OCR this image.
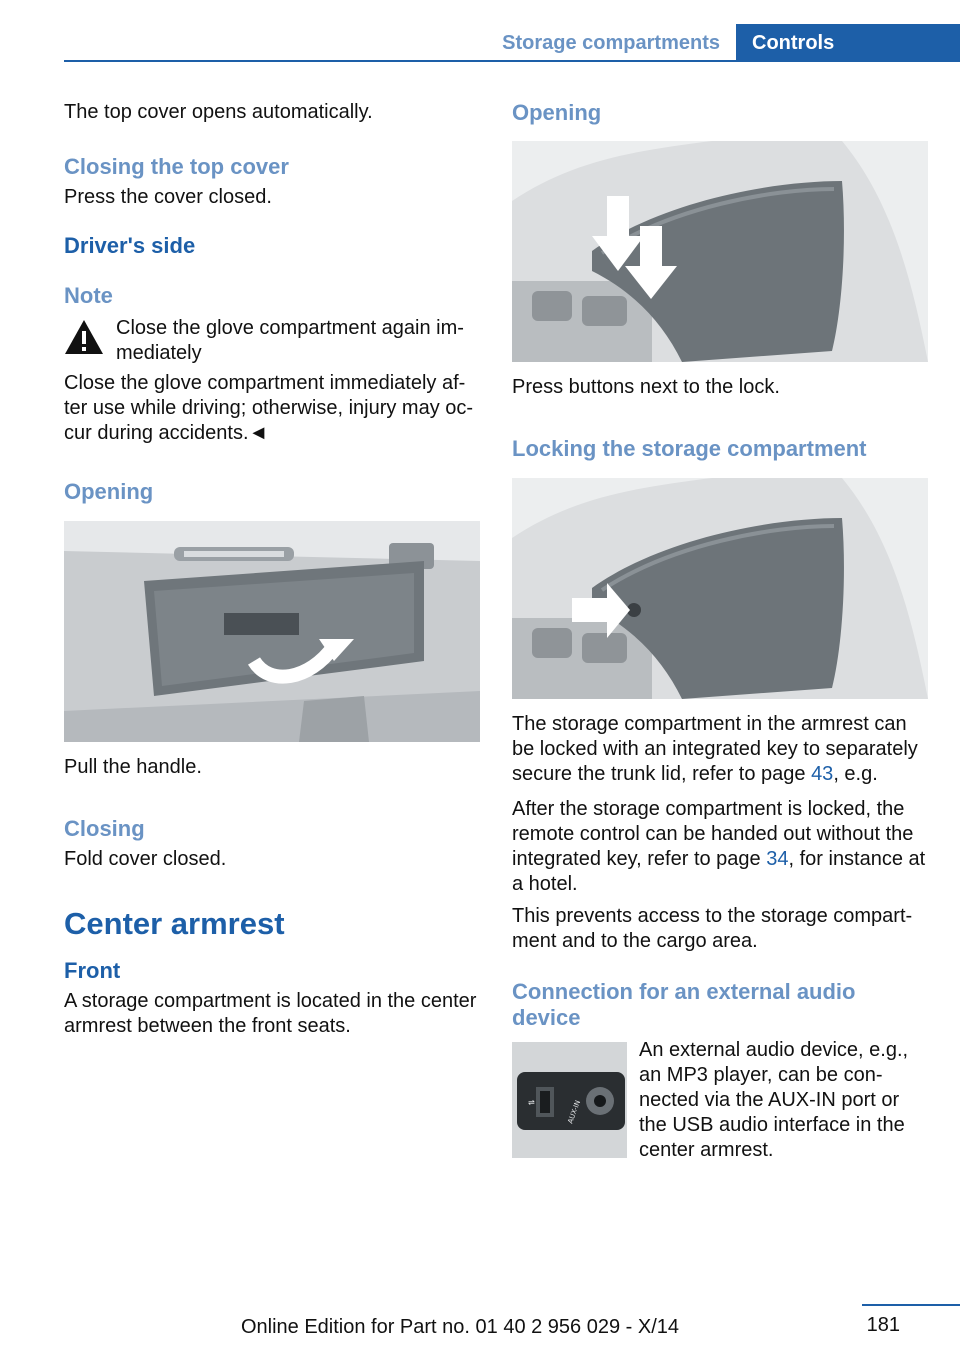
Storage compartments	Controls

The top cover opens automatically.

Closing the top cover

Press the cover closed.

Driver's side
Note

Close the glove compartment again im‐mediately

Close the glove compartment immediately af‐ter use while driving; otherwise, injury may oc‐cur during accidents.◄

Opening

Pull the handle.

Closing

Fold cover closed.

Center armrest
Front

A storage compartment is located in the center armrest between the front seats.

Opening

Press buttons next to the lock.

Locking the storage compartment

The storage compartment in the armrest can be locked with an integrated key to separately secure the trunk lid, refer to page 43, e.g.

After the storage compartment is locked, the remote control can be handed out without the integrated key, refer to page 34, for instance at a hotel.

This prevents access to the storage compart‐ment and to the cargo area.

Connection for an external audio device
⇌	AUX-IN

An external audio device, e.g., an MP3 player, can be con‐nected via the AUX-IN port or the USB audio interface in the center armrest.

181
Online Edition for Part no. 01 40 2 956 029 - X/14
